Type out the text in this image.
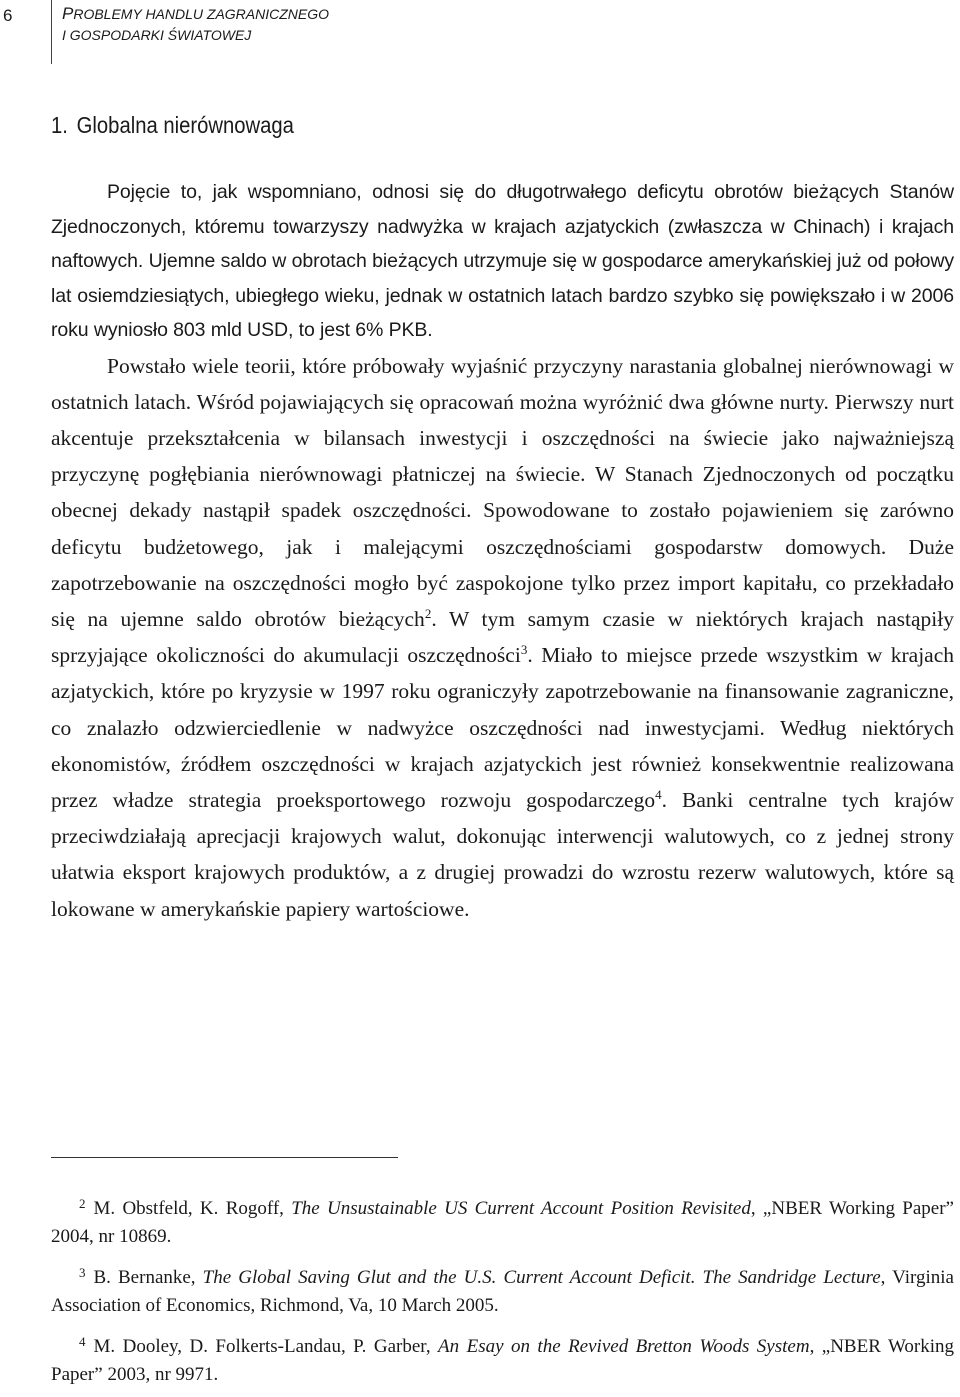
6	PROBLEMY HANDLU ZAGRANICZNEGO
I GOSPODARKI ŚWIATOWEJ
1. Globalna nierównowaga

Pojęcie to, jak wspomniano, odnosi się do długotrwałego deficytu obrotów bieżących Stanów Zjednoczonych, któremu towarzyszy nadwyżka w krajach azjatyckich (zwłaszcza w Chinach) i krajach naftowych. Ujemne saldo w obrotach bieżących utrzymuje się w gospodarce amerykańskiej już od połowy lat osiemdziesiątych, ubiegłego wieku, jednak w ostatnich latach bardzo szybko się powiększało i w 2006 roku wyniosło 803 mld USD, to jest 6% PKB.

Powstało wiele teorii, które próbowały wyjaśnić przyczyny narastania globalnej nierównowagi w ostatnich latach. Wśród pojawiających się opracowań można wyróżnić dwa główne nurty. Pierwszy nurt akcentuje przekształcenia w bilansach inwestycji i oszczędności na świecie jako najważniejszą przyczynę pogłębiania nierównowagi płatniczej na świecie. W Stanach Zjednoczonych od początku obecnej dekady nastąpił spadek oszczędności. Spowodowane to zostało pojawieniem się zarówno deficytu budżetowego, jak i malejącymi oszczędnościami gospodarstw domowych. Duże zapotrzebowanie na oszczędności mogło być zaspokojone tylko przez import kapitału, co przekładało się na ujemne saldo obrotów bieżących$^2$. W tym samym czasie w niektórych krajach nastąpiły sprzyjające okoliczności do akumulacji oszczędności$^3$. Miało to miejsce przede wszystkim w krajach azjatyckich, które po kryzysie w 1997 roku ograniczyły zapotrzebowanie na finansowanie zagraniczne, co znalazło odzwierciedlenie w nadwyżce oszczędności nad inwestycjami. Według niektórych ekonomistów, źródłem oszczędności w krajach azjatyckich jest również konsekwentnie realizowana przez władze strategia proeksportowego rozwoju gospodarczego$^4$. Banki centralne tych krajów przeciwdziałają aprecjacji krajowych walut, dokonując interwencji walutowych, co z jednej strony ułatwia eksport krajowych produktów, a z drugiej prowadzi do wzrostu rezerw walutowych, które są lokowane w amerykańskie papiery wartościowe.

$^2$ M. Obstfeld, K. Rogoff, The Unsustainable US Current Account Position Revisited, „NBER Working Paper” 2004, nr 10869.

$^3$ B. Bernanke, The Global Saving Glut and the U.S. Current Account Deficit. The Sandridge Lecture, Virginia Association of Economics, Richmond, Va, 10 March 2005.

$^4$ M. Dooley, D. Folkerts-Landau, P. Garber, An Esay on the Revived Bretton Woods System, „NBER Working Paper” 2003, nr 9971.
